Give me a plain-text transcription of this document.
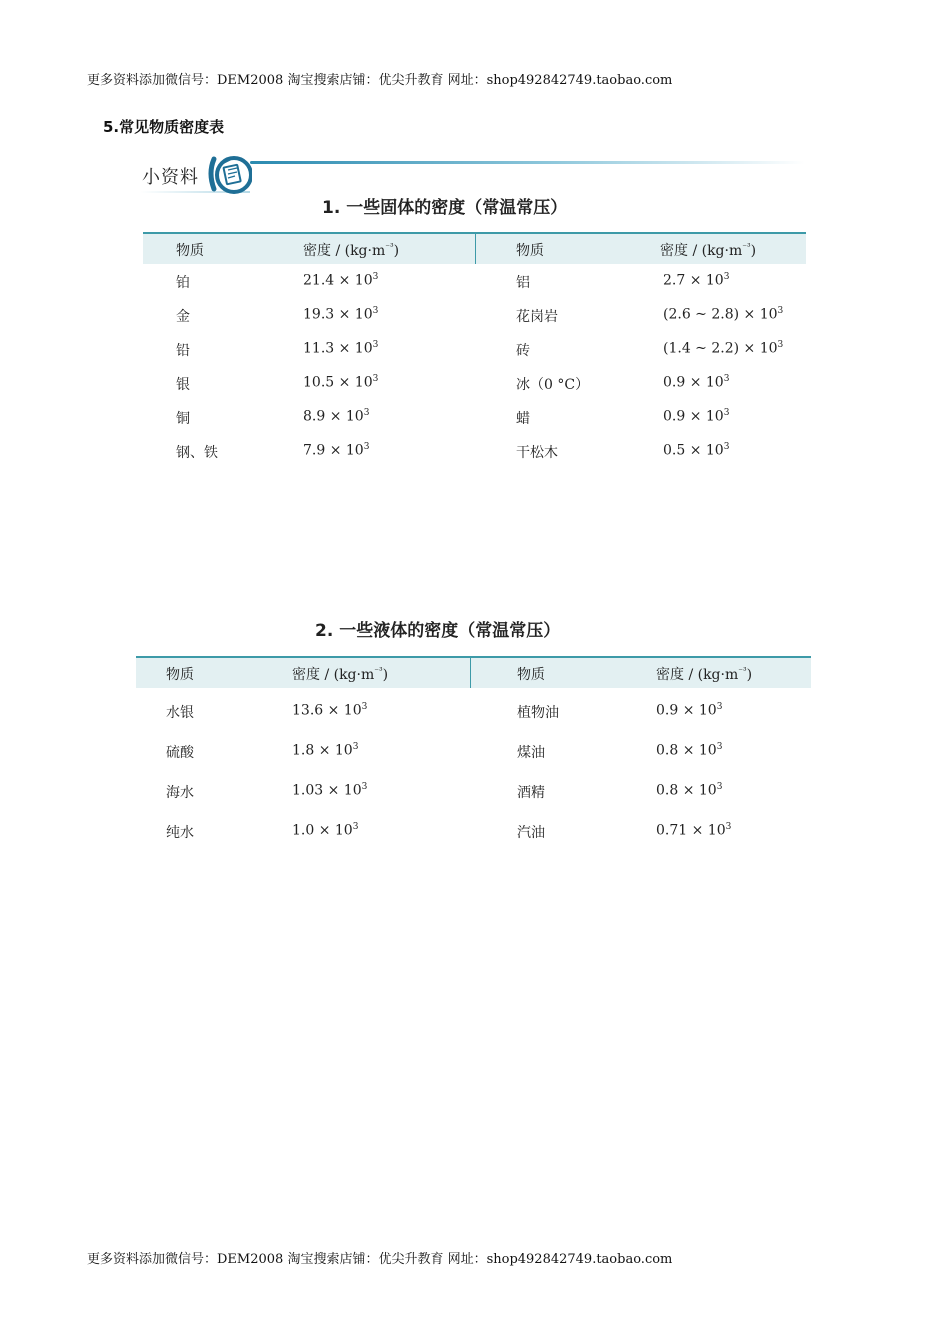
更多资料添加微信号：DEM2008 淘宝搜索店铺：优尖升教育 网址：shop492842749.taobao.com
5.常见物质密度表
小资料
1. 一些固体的密度（常温常压）
物质	密度 / $(kg\cdot m^{^{-3}})$	物质	密度 / $(kg\cdot m^{^{-3}})$
铂	$21.4 \times 10^3$	铝	$2.7 \times 10^3$
金	$19.3 \times 10^3$	花岗岩	(2.6 ~ $2.8) \times 10^3$
铅	$11.3 \times 10^3$	砖	(1.4 ~ $2.2) \times 10^3$
银	$10.5 \times 10^3$	冰（0 °C）	$0.9 \times 10^3$
铜	$8.9 \times 10^3$	蜡	$0.9 \times 10^3$
钢、铁	$7.9 \times 10^3$	干松木	$0.5 \times 10^3$
2. 一些液体的密度（常温常压）
物质	密度 / $(kg\cdot m^{^{-3}})$	物质	密度 / $(kg\cdot m^{^{-3}})$
水银	$13.6 \times 10^3$	植物油	$0.9 \times 10^3$
硫酸	$1.8 \times 10^3$	煤油	$0.8 \times 10^3$
海水	$1.03 \times 10^3$	酒精	$0.8 \times 10^3$
纯水	$1.0 \times 10^3$	汽油	$0.71 \times 10^3$
更多资料添加微信号：DEM2008 淘宝搜索店铺：优尖升教育 网址：shop492842749.taobao.com
